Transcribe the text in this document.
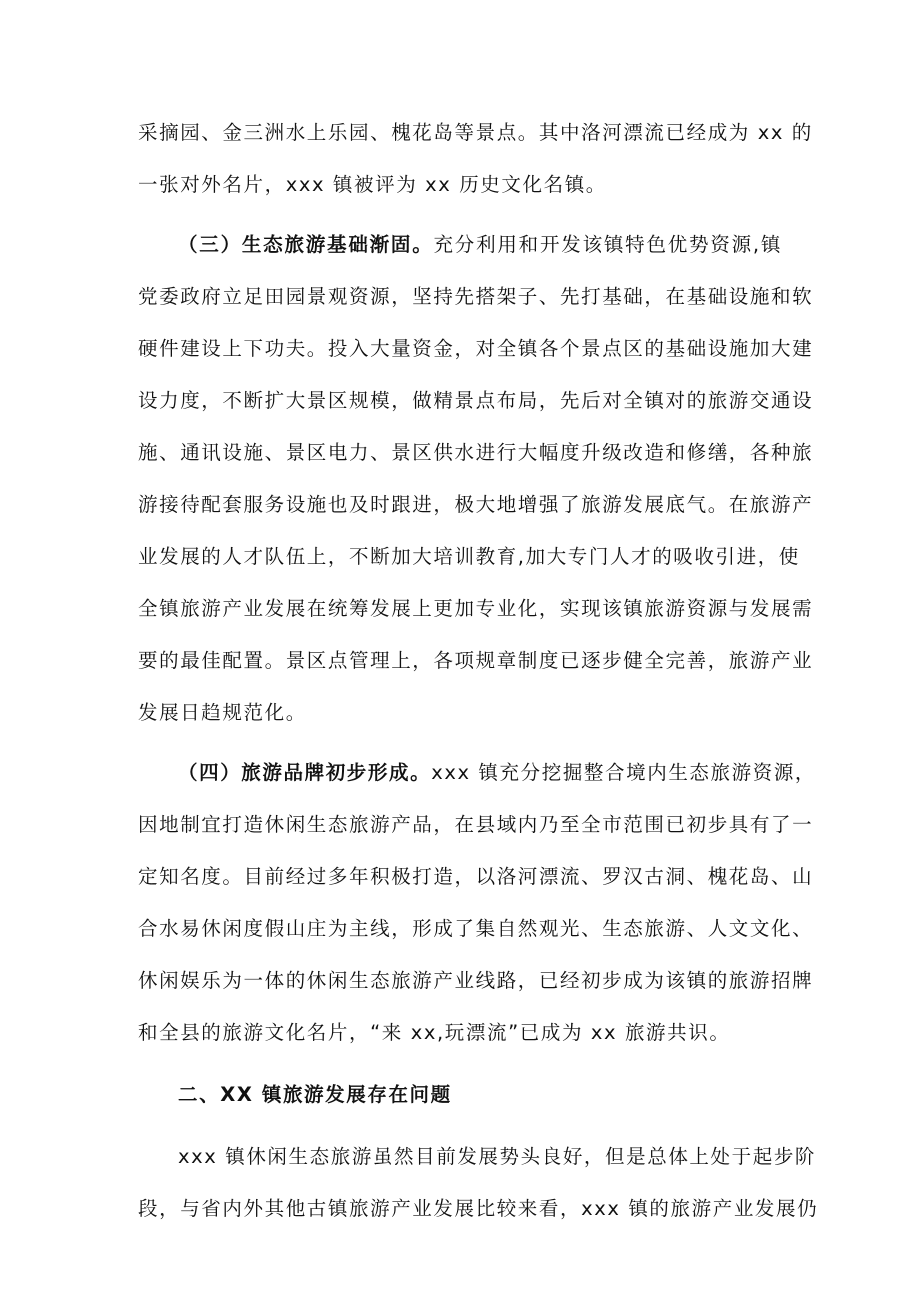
采摘园、金三洲水上乐园、槐花岛等景点。其中洛河漂流已经成为 xx 的
一张对外名片，xxx 镇被评为 xx 历史文化名镇。
（三）生态旅游基础渐固。充分利用和开发该镇特色优势资源,镇
党委政府立足田园景观资源，坚持先搭架子、先打基础，在基础设施和软
硬件建设上下功夫。投入大量资金，对全镇各个景点区的基础设施加大建
设力度，不断扩大景区规模，做精景点布局，先后对全镇对的旅游交通设
施、通讯设施、景区电力、景区供水进行大幅度升级改造和修缮，各种旅
游接待配套服务设施也及时跟进，极大地增强了旅游发展底气。在旅游产
业发展的人才队伍上，不断加大培训教育,加大专门人才的吸收引进，使
全镇旅游产业发展在统筹发展上更加专业化，实现该镇旅游资源与发展需
要的最佳配置。景区点管理上，各项规章制度已逐步健全完善，旅游产业
发展日趋规范化。
（四）旅游品牌初步形成。xxx 镇充分挖掘整合境内生态旅游资源，
因地制宜打造休闲生态旅游产品，在县域内乃至全市范围已初步具有了一
定知名度。目前经过多年积极打造，以洛河漂流、罗汉古洞、槐花岛、山
合水易休闲度假山庄为主线，形成了集自然观光、生态旅游、人文文化、
休闲娱乐为一体的休闲生态旅游产业线路，已经初步成为该镇的旅游招牌
和全县的旅游文化名片，“来 xx,玩漂流”已成为 xx 旅游共识。
二、XX 镇旅游发展存在问题
xxx 镇休闲生态旅游虽然目前发展势头良好，但是总体上处于起步阶
段，与省内外其他古镇旅游产业发展比较来看，xxx 镇的旅游产业发展仍
